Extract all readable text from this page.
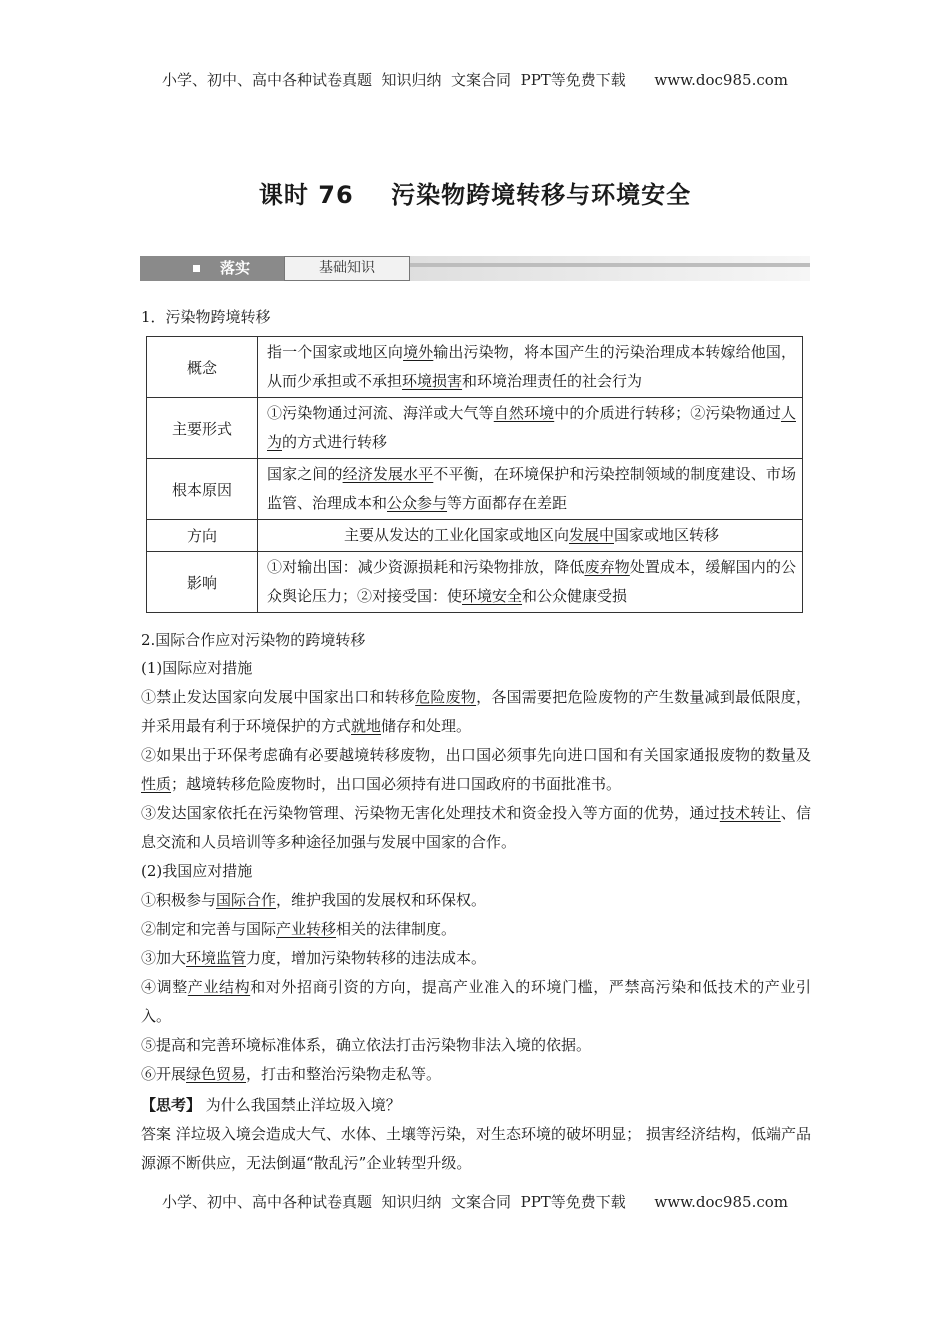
小学、初中、高中各种试卷真题  知识归纳  文案合同  PPT等免费下载      www.doc985.com
课时 76    污染物跨境转移与环境安全
落实	基础知识
1．污染物跨境转移
概念	指一个国家或地区向境外输出污染物，将本国产生的污染治理成本转嫁给他国，从而少承担或不承担环境损害和环境治理责任的社会行为
主要形式	①污染物通过河流、海洋或大气等自然环境中的介质进行转移；②污染物通过人为的方式进行转移
根本原因	国家之间的经济发展水平不平衡，在环境保护和污染控制领域的制度建设、市场监管、治理成本和公众参与等方面都存在差距
方向	主要从发达的工业化国家或地区向发展中国家或地区转移
影响	①对输出国：减少资源损耗和污染物排放，降低废弃物处置成本，缓解国内的公众舆论压力；②对接受国：使环境安全和公众健康受损
2.国际合作应对污染物的跨境转移

(1)国际应对措施

①禁止发达国家向发展中国家出口和转移危险废物，各国需要把危险废物的产生数量减到最低限度，并采用最有利于环境保护的方式就地储存和处理。

②如果出于环保考虑确有必要越境转移废物，出口国必须事先向进口国和有关国家通报废物的数量及性质；越境转移危险废物时，出口国必须持有进口国政府的书面批准书。

③发达国家依托在污染物管理、污染物无害化处理技术和资金投入等方面的优势，通过技术转让、信息交流和人员培训等多种途径加强与发展中国家的合作。

(2)我国应对措施

①积极参与国际合作，维护我国的发展权和环保权。

②制定和完善与国际产业转移相关的法律制度。

③加大环境监管力度，增加污染物转移的违法成本。

④调整产业结构和对外招商引资的方向，提高产业准入的环境门槛，严禁高污染和低技术的产业引入。

⑤提高和完善环境标准体系，确立依法打击污染物非法入境的依据。

⑥开展绿色贸易，打击和整治污染物走私等。

【思考】 为什么我国禁止洋垃圾入境？

答案 洋垃圾入境会造成大气、水体、土壤等污染，对生态环境的破坏明显； 损害经济结构，低端产品源源不断供应，无法倒逼“散乱污”企业转型升级。

小学、初中、高中各种试卷真题  知识归纳  文案合同  PPT等免费下载      www.doc985.com
